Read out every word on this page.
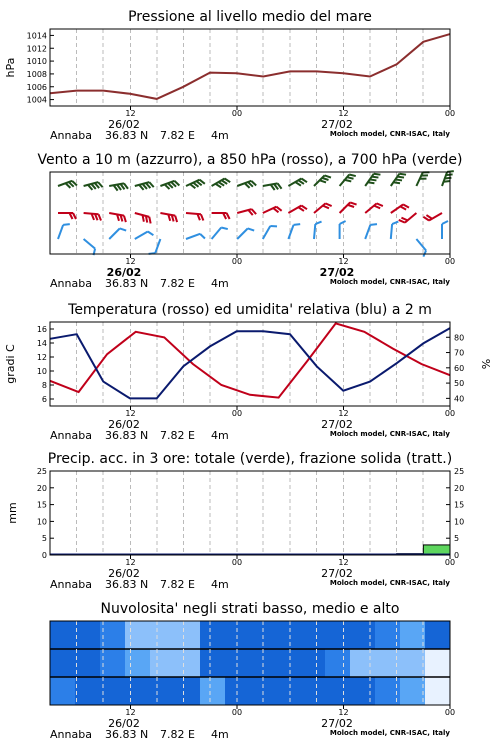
Pressione al livello medio del mare
1004
1006
1008
1010
1012
1014
hPa
12	00	12	00
26/02	27/02
Annaba 36.83 N 7.82 E 4m	Moloch model, CNR-ISAC, Italy
Vento a 10 m (azzurro), a 850 hPa (rosso), a 700 hPa (verde)
12	00	12	00
26/02	27/02
Annaba 36.83 N 7.82 E 4m	Moloch model, CNR-ISAC, Italy
Temperatura (rosso) ed umidita' relativa (blu) a 2 m
6
8
10
12
14
16
40
50
60
70
80
gradi C	%
12	00	12	00
26/02	27/02
Annaba 36.83 N 7.82 E 4m	Moloch model, CNR-ISAC, Italy
Precip. acc. in 3 ore: totale (verde), frazione solida (tratt.)
0	0
5	5
10	10
15	15
20	20
25	25
mm
12	00	12	00
26/02	27/02
Annaba 36.83 N 7.82 E 4m	Moloch model, CNR-ISAC, Italy
Nuvolosita' negli strati basso, medio e alto
12	00	12	00
26/02	27/02
Annaba 36.83 N 7.82 E 4m	Moloch model, CNR-ISAC, Italy
